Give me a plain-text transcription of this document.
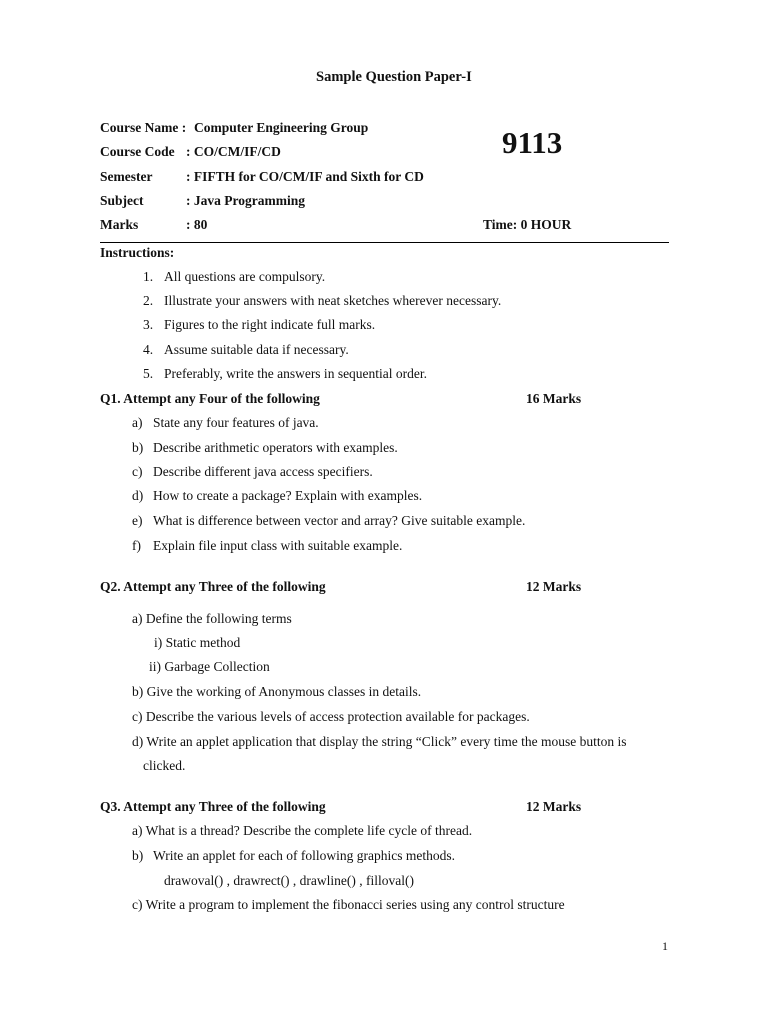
Sample Question Paper-I
Course Name : Computer Engineering Group
Course Code : CO/CM/IF/CD	9113
Semester : FIFTH for CO/CM/IF and Sixth for CD
Subject	: Java Programming
Marks	: 80	Time: 0 HOUR
Instructions:
1. All questions are compulsory.
2. Illustrate your answers with neat sketches wherever necessary.
3. Figures to the right indicate full marks.
4. Assume suitable data if necessary.
5. Preferably, write the answers in sequential order.
Q1. Attempt any Four of the following	16 Marks
a) State any four features of java.
b) Describe arithmetic operators with examples.
c) Describe different java access specifiers.
d) How to create a package? Explain with examples.
e) What is difference between vector and array? Give suitable example.
f) Explain file input class with suitable example.
Q2. Attempt any Three of the following	12 Marks
a) Define the following terms
i) Static method
ii) Garbage Collection
b) Give the working of Anonymous classes in details.
c) Describe the various levels of access protection available for packages.
d) Write an applet application that display the string “Click” every time the mouse button is
clicked.
Q3. Attempt any Three of the following	12 Marks
a) What is a thread? Describe the complete life cycle of thread.
b) Write an applet for each of following graphics methods.
drawoval() , drawrect() , drawline() , filloval()
c) Write a program to implement the fibonacci series using any control structure
1
